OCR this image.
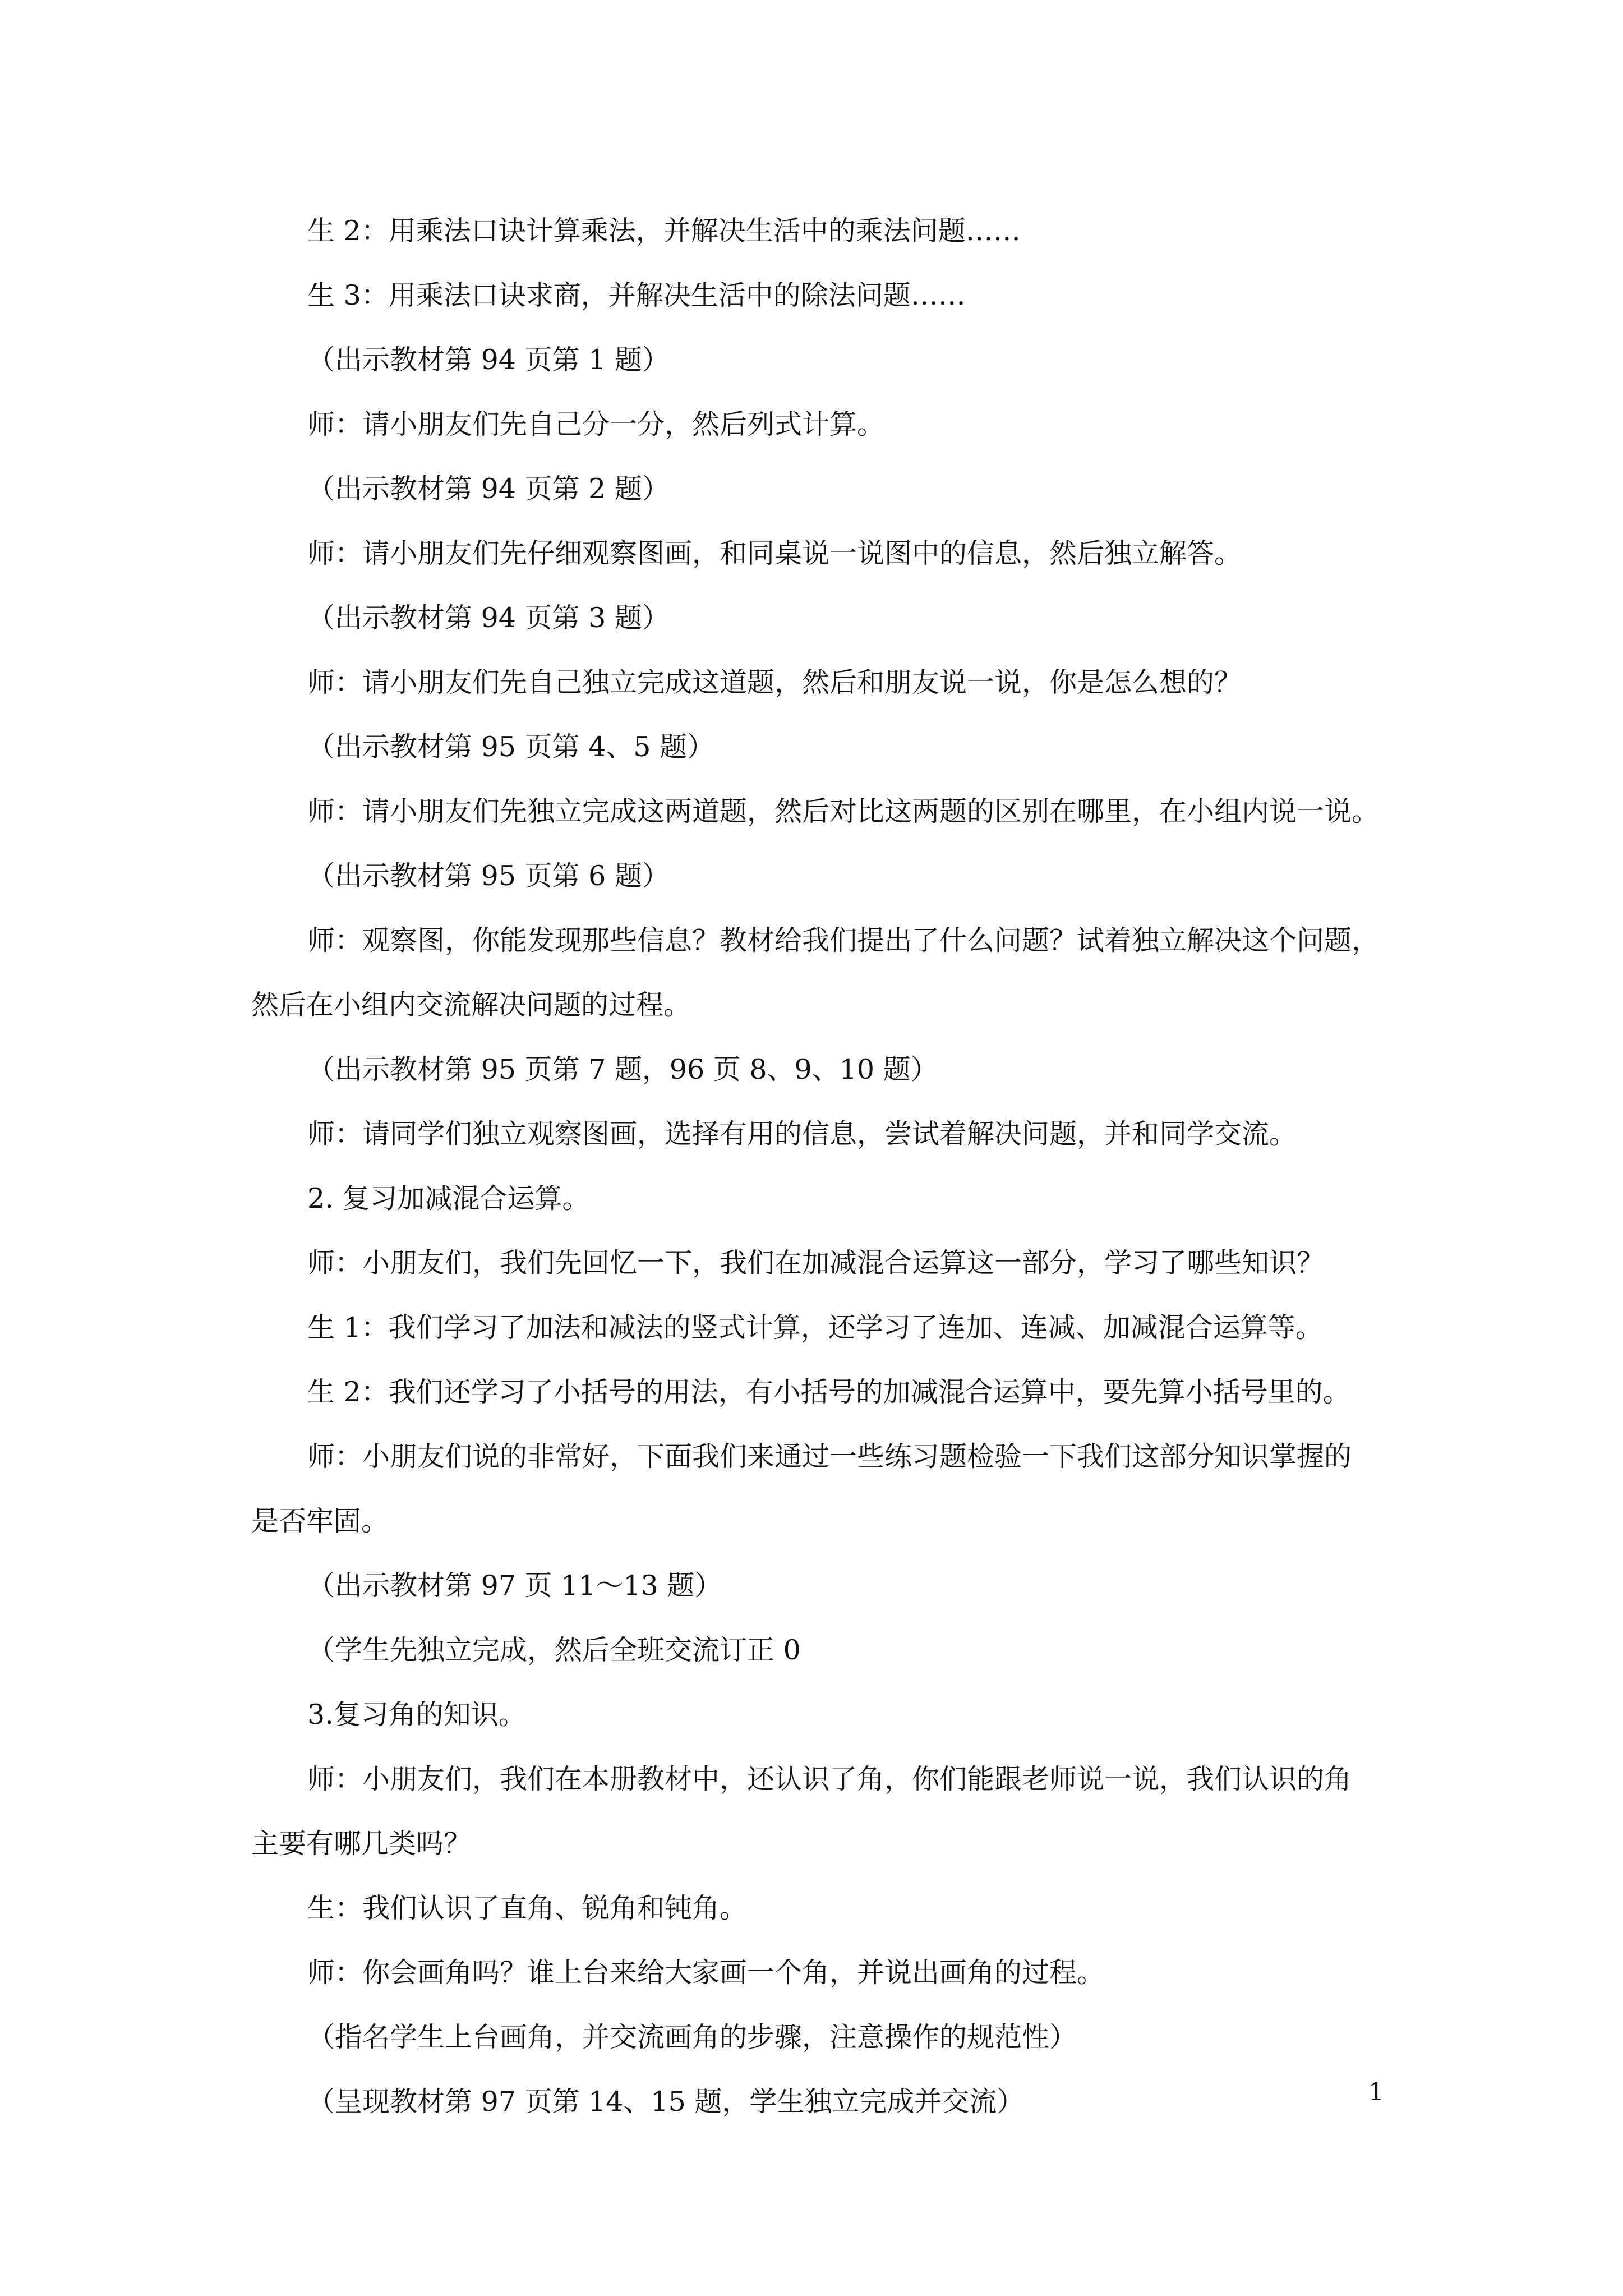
生 2：用乘法口诀计算乘法，并解决生活中的乘法问题……
生 3：用乘法口诀求商，并解决生活中的除法问题……
（出示教材第 94 页第 1 题）
师：请小朋友们先自己分一分，然后列式计算。
（出示教材第 94 页第 2 题）
师：请小朋友们先仔细观察图画，和同桌说一说图中的信息，然后独立解答。
（出示教材第 94 页第 3 题）
师：请小朋友们先自己独立完成这道题，然后和朋友说一说，你是怎么想的？
（出示教材第 95 页第 4、5 题）
师：请小朋友们先独立完成这两道题，然后对比这两题的区别在哪里，在小组内说一说。
（出示教材第 95 页第 6 题）
师：观察图，你能发现那些信息？教材给我们提出了什么问题？试着独立解决这个问题，
然后在小组内交流解决问题的过程。
（出示教材第 95 页第 7 题，96 页 8、9、10 题）
师：请同学们独立观察图画，选择有用的信息，尝试着解决问题，并和同学交流。
2. 复习加减混合运算。
师：小朋友们，我们先回忆一下，我们在加减混合运算这一部分，学习了哪些知识？
生 1：我们学习了加法和减法的竖式计算，还学习了连加、连减、加减混合运算等。
生 2：我们还学习了小括号的用法，有小括号的加减混合运算中，要先算小括号里的。
师：小朋友们说的非常好，下面我们来通过一些练习题检验一下我们这部分知识掌握的
是否牢固。
（出示教材第 97 页 11～13 题）
（学生先独立完成，然后全班交流订正 0
3.复习角的知识。
师：小朋友们，我们在本册教材中，还认识了角，你们能跟老师说一说，我们认识的角
主要有哪几类吗？
生：我们认识了直角、锐角和钝角。
师：你会画角吗？谁上台来给大家画一个角，并说出画角的过程。
（指名学生上台画角，并交流画角的步骤，注意操作的规范性）
（呈现教材第 97 页第 14、15 题，学生独立完成并交流）	1
